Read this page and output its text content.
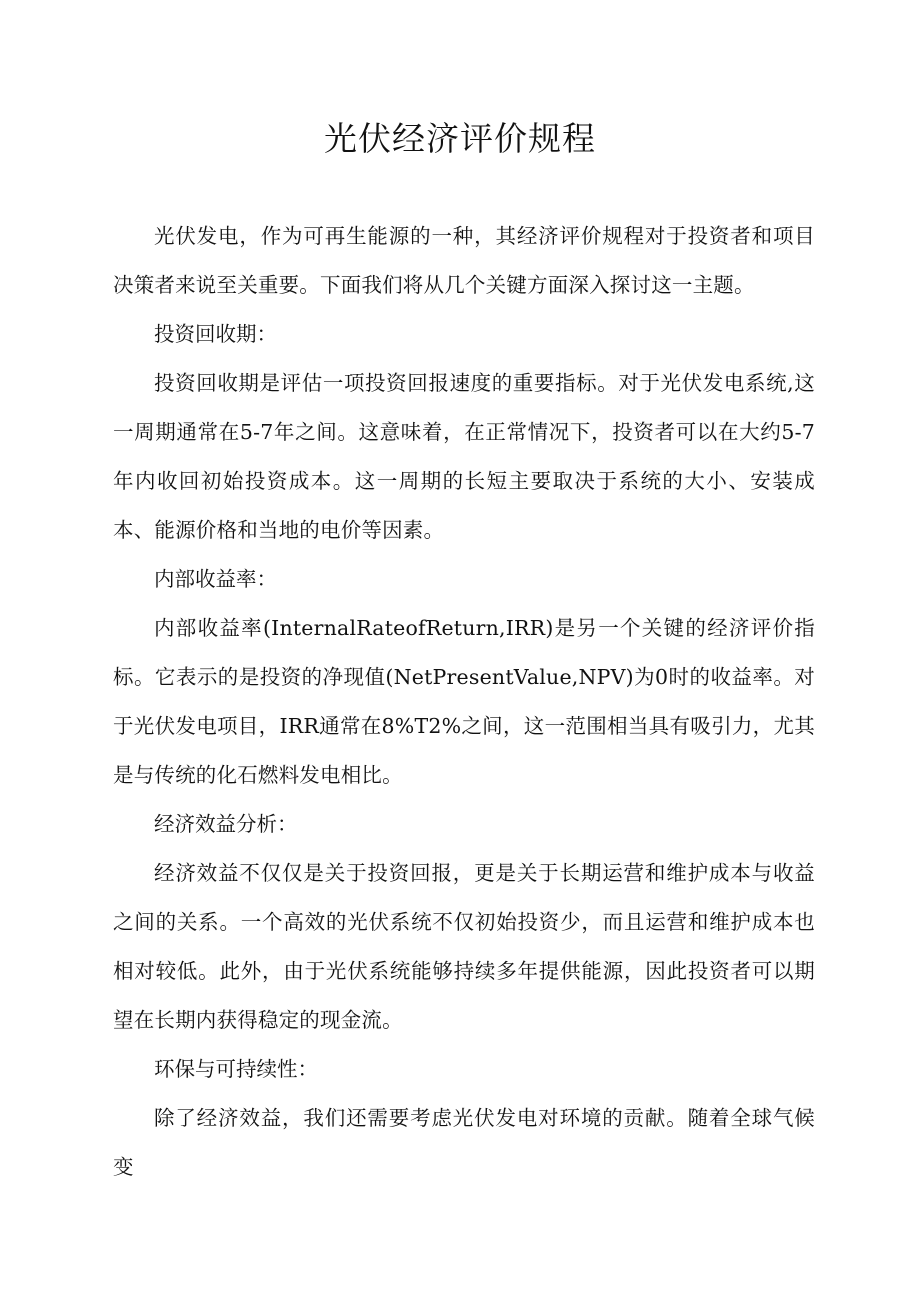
光伏经济评价规程

光伏发电，作为可再生能源的一种，其经济评价规程对于投资者和项目决策者来说至关重要。下面我们将从几个关键方面深入探讨这一主题。

投资回收期：

投资回收期是评估一项投资回报速度的重要指标。对于光伏发电系统,这一周期通常在5-7年之间。这意味着，在正常情况下，投资者可以在大约5-7年内收回初始投资成本。这一周期的长短主要取决于系统的大小、安装成本、能源价格和当地的电价等因素。

内部收益率：

内部收益率(InternalRateofReturn,IRR)是另一个关键的经济评价指标。它表示的是投资的净现值(NetPresentValue,NPV)为0时的收益率。对于光伏发电项目，IRR通常在8%T2%之间，这一范围相当具有吸引力，尤其是与传统的化石燃料发电相比。

经济效益分析：

经济效益不仅仅是关于投资回报，更是关于长期运营和维护成本与收益之间的关系。一个高效的光伏系统不仅初始投资少，而且运营和维护成本也相对较低。此外，由于光伏系统能够持续多年提供能源，因此投资者可以期望在长期内获得稳定的现金流。

环保与可持续性：

除了经济效益，我们还需要考虑光伏发电对环境的贡献。随着全球气候变
